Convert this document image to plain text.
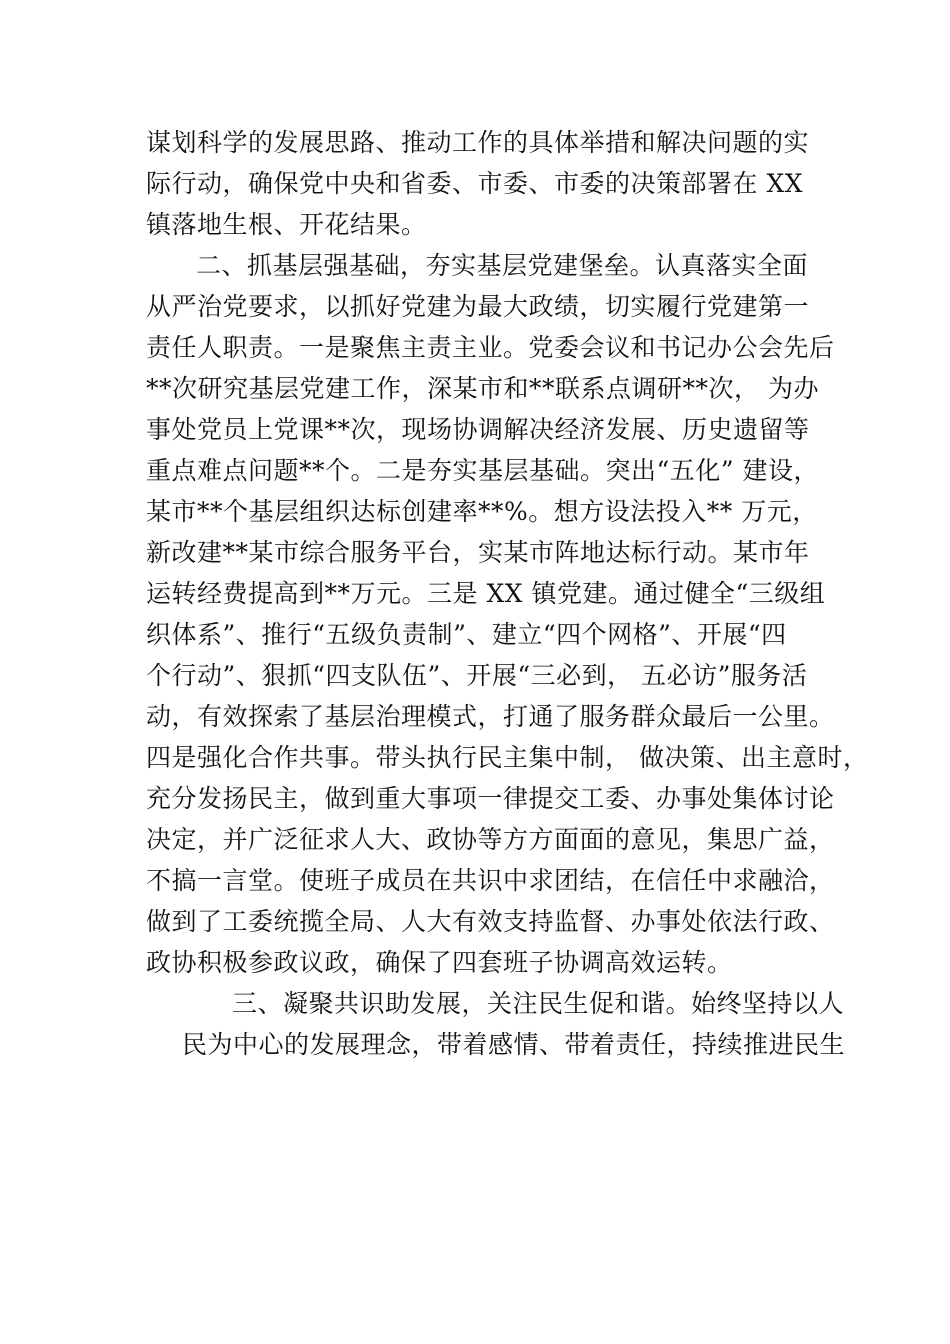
谋划科学的发展思路、推动工作的具体举措和解决问题的实
际行动，确保党中央和省委、市委、市委的决策部署在 XX
镇落地生根、开花结果。
二、抓基层强基础，夯实基层党建堡垒。认真落实全面
从严治党要求，以抓好党建为最大政绩，切实履行党建第一
责任人职责。一是聚焦主责主业。党委会议和书记办公会先后
**次研究基层党建工作，深某市和**联系点调研**次， 为办
事处党员上党课**次，现场协调解决经济发展、历史遗留等
重点难点问题**个。二是夯实基层基础。突出“五化” 建设，
某市**个基层组织达标创建率**%。想方设法投入** 万元，
新改建**某市综合服务平台，实某市阵地达标行动。某市年
运转经费提高到**万元。三是 XX 镇党建。通过健全“三级组
织体系”、推行“五级负责制”、建立“四个网格”、开展“四
个行动”、狠抓“四支队伍”、开展“三必到， 五必访”服务活
动，有效探索了基层治理模式，打通了服务群众最后一公里。
四是强化合作共事。带头执行民主集中制， 做决策、出主意时，
充分发扬民主，做到重大事项一律提交工委、办事处集体讨论
决定，并广泛征求人大、政协等方方面面的意见，集思广益，
不搞一言堂。使班子成员在共识中求团结，在信任中求融洽，
做到了工委统揽全局、人大有效支持监督、办事处依法行政、
政协积极参政议政，确保了四套班子协调高效运转。
三、凝聚共识助发展，关注民生促和谐。始终坚持以人
民为中心的发展理念，带着感情、带着责任，持续推进民生
